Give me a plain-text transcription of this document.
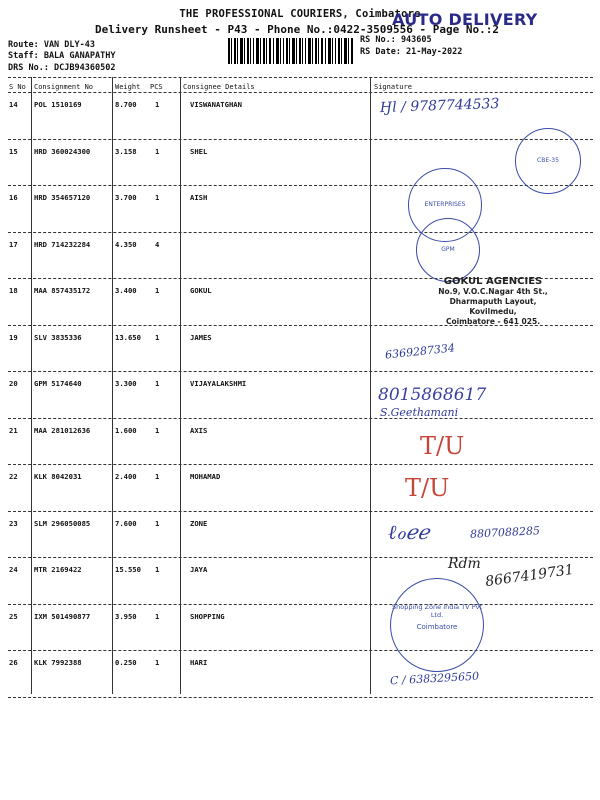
THE PROFESSIONAL COURIERS, Coimbatore
Delivery Runsheet - P43 - Phone No.:0422-3509556 - Page No.:2
AUTO DELIVERY
Route: VAN DLY-43
Staff: BALA GANAPATHY
DRS No.: DCJB94360502
RS No.: 943605
RS Date: 21-May-2022
S No Consignment No	Weight PCS	Consignee Details	Signature
14 POL 1510169	8.700	1	VISWANATGHAN
15 HRD 360024300	3.158	1	SHEL
16 HRD 354657120	3.700	1	AISH
17 HRD 714232284	4.350	4
18 MAA 857435172	3.400	1	GOKUL
19 SLV 3835336	13.650 1	JAMES
20 GPM 5174640	3.300	1	VIJAYALAKSHMI
21 MAA 281012636	1.600	1	AXIS
22 KLK 8042031	2.400	1	MOHAMAD
23 SLM 296050085	7.600	1	ZONE
24 MTR 2169422	15.550 1	JAYA
25 IXM 501490877	3.950	1	SHOPPING
26 KLK 7992388	0.250	1	HARI
Ӈl ∕ 9787744533
CBE-35
ENTERPRISES
GPM
GOKUL AGENCIES
No.9, V.O.C.Nagar 4th St.,
Dharmaputh Layout,
Kovilmedu,
Coimbatore - 641 025.
6369287334
8015868617
S.Geethamani
T/U
T/U
ℓℴℯℯ	8807088285
Rdm 8667419731
Shopping Zone India TV Pvt Ltd.
Coimbatore
Ϲ ∕ 6383295650
